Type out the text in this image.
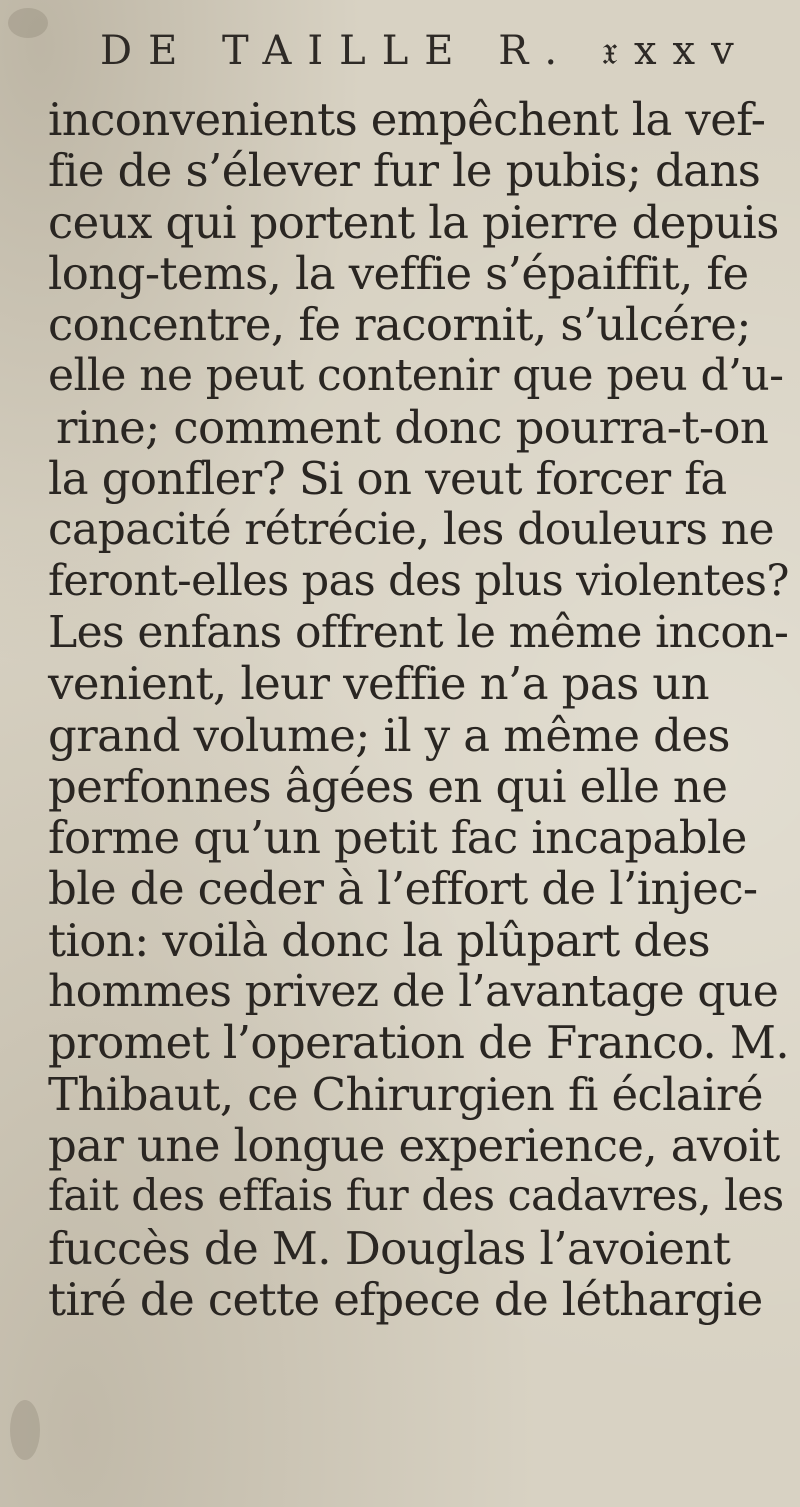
DE TAILLE R. 𝔵xxv
inconvenients empêchent la vef-
fie de s’élever fur le pubis; dans
ceux qui portent la pierre depuis
long-tems, la veffie s’épaiffit, fe
concentre, fe racornit, s’ulcére;
elle ne peut contenir que peu d’u-
rine; comment donc pourra-t-on
la gonfler? Si on veut forcer fa
capacité rétrécie, les douleurs ne
feront-elles pas des plus violentes?
Les enfans offrent le même incon-
venient, leur veffie n’a pas un
grand volume; il y a même des
perfonnes âgées en qui elle ne
forme qu’un petit fac incapable
ble de ceder à l’effort de l’injec-
tion: voilà donc la plûpart des
hommes privez de l’avantage que
promet l’operation de Franco. M.
Thibaut, ce Chirurgien fi éclairé
par une longue experience, avoit
fait des effais fur des cadavres, les
fuccès de M. Douglas l’avoient
tiré de cette efpece de léthargie
